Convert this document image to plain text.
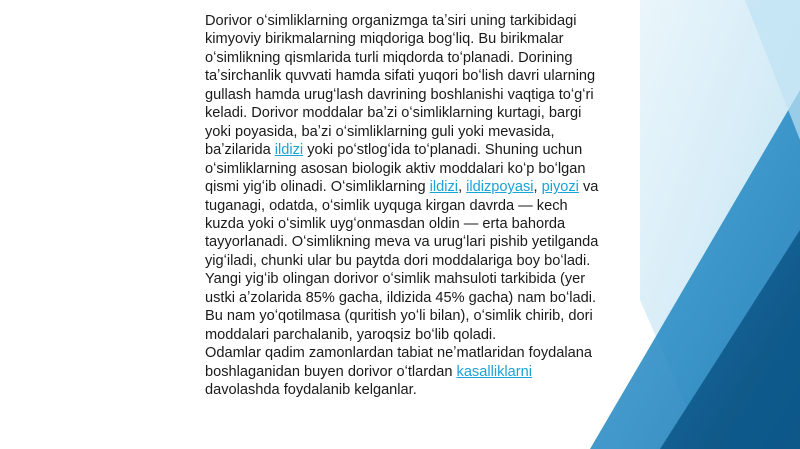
Dorivor oʻsimliklarning organizmga taʼsiri uning tarkibidagi kimyoviy birikmalarning miqdoriga bogʻliq. Bu birikmalar oʻsimlikning qismlarida turli miqdorda toʻplanadi. Dorining taʼsirchanlik quvvati hamda sifati yuqori boʻlish davri ularning gullash hamda urugʻlash davrining boshlanishi vaqtiga toʻgʻri keladi. Dorivor moddalar baʼzi oʻsimliklarning kurtagi, bargi yoki poyasida, baʼzi oʻsimliklarning guli yoki mevasida, baʼzilarida ildizi yoki poʻstlogʻida toʻplanadi. Shuning uchun oʻsimliklarning asosan biologik aktiv moddalari koʻp boʻlgan qismi yigʻib olinadi. Oʻsimliklarning ildizi, ildizpoyasi, piyozi va tuganagi, odatda, oʻsimlik uyquga kirgan davrda — kech kuzda yoki oʻsimlik uygʻonmasdan oldin — erta bahorda tayyorlanadi. Oʻsimlikning meva va urugʻlari pishib yetilganda yigʻiladi, chunki ular bu paytda dori moddalariga boy boʻladi. Yangi yigʻib olingan dorivor oʻsimlik mahsuloti tarkibida (yer ustki aʼzolarida 85% gacha, ildizida 45% gacha) nam boʻladi. Bu nam yoʻqotilmasa (quritish yoʻli bilan), oʻsimlik chirib, dori moddalari parchalanib, yaroqsiz boʻlib qoladi.
Odamlar qadim zamonlardan tabiat neʼmatlaridan foydalana boshlaganidan buyen dorivor oʻtlardan kasalliklarni davolashda foydalanib kelganlar.
